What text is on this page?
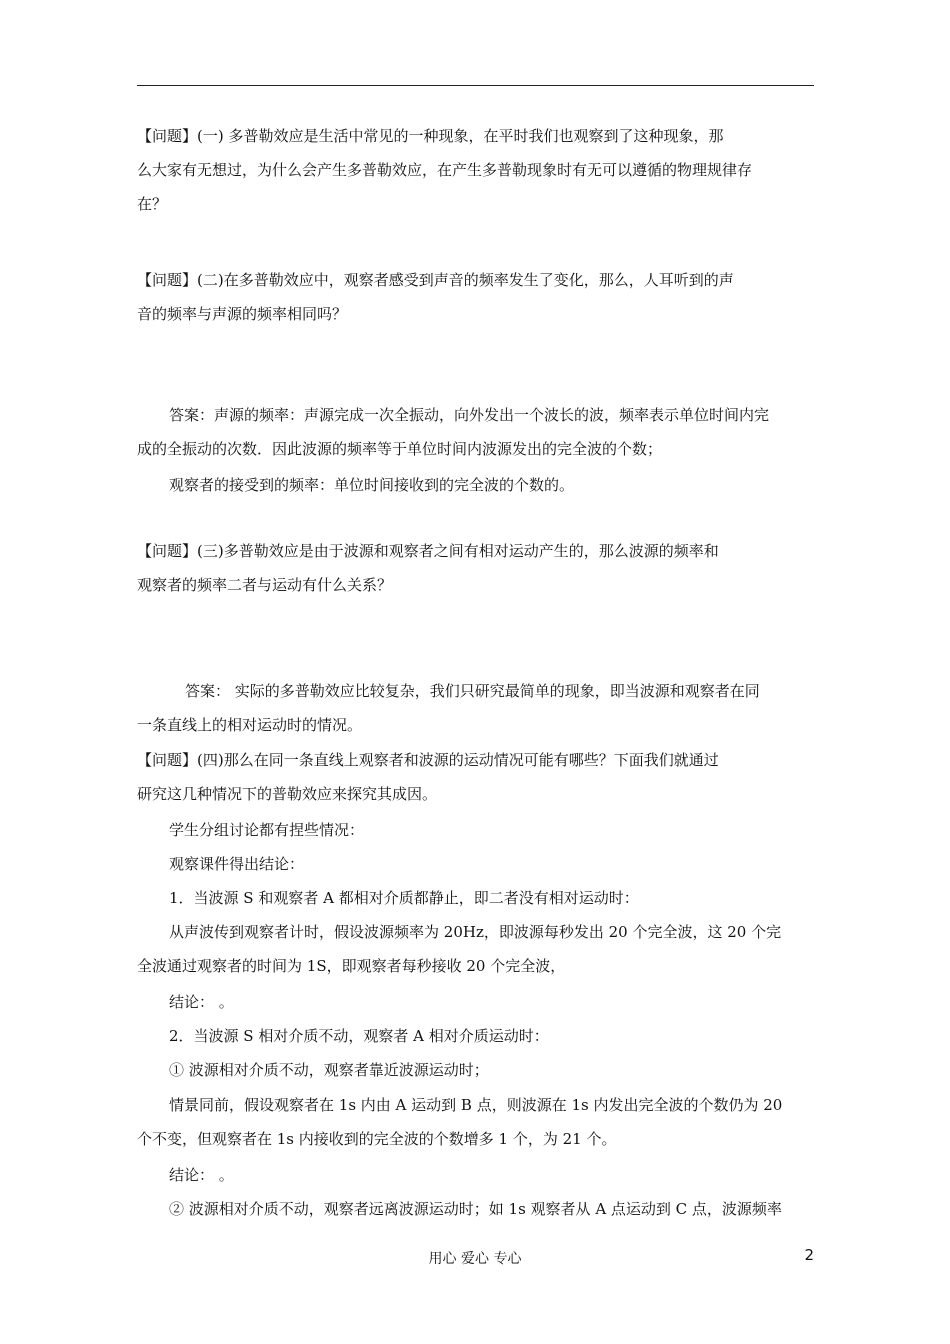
【问题】(一) 多普勒效应是生活中常见的一种现象，在平时我们也观察到了这种现象，那

么大家有无想过，为什么会产生多普勒效应，在产生多普勒现象时有无可以遵循的物理规律存

在？

【问题】(二)在多普勒效应中，观察者感受到声音的频率发生了变化，那么，人耳听到的声

音的频率与声源的频率相同吗？

答案：声源的频率：声源完成一次全振动，向外发出一个波长的波，频率表示单位时间内完

成的全振动的次数．因此波源的频率等于单位时间内波源发出的完全波的个数；

观察者的接受到的频率：单位时间接收到的完全波的个数的。

【问题】(三)多普勒效应是由于波源和观察者之间有相对运动产生的，那么波源的频率和

观察者的频率二者与运动有什么关系？

答案： 实际的多普勒效应比较复杂，我们只研究最简单的现象，即当波源和观察者在同

一条直线上的相对运动时的情况。

【问题】(四)那么在同一条直线上观察者和波源的运动情况可能有哪些？下面我们就通过

研究这几种情况下的普勒效应来探究其成因。

学生分组讨论都有捏些情况：

观察课件得出结论：

1．当波源 S 和观察者 A 都相对介质都静止，即二者没有相对运动时：

从声波传到观察者计时，假设波源频率为 20Hz，即波源每秒发出 20 个完全波，这 20 个完

全波通过观察者的时间为 1S，即观察者每秒接收 20 个完全波，

结论： 。

2．当波源 S 相对介质不动，观察者 A 相对介质运动时：

① 波源相对介质不动，观察者靠近波源运动时；

情景同前，假设观察者在 1s 内由 A 运动到 B 点，则波源在 1s 内发出完全波的个数仍为 20

个不变，但观察者在 1s 内接收到的完全波的个数增多 1 个，为 21 个。

结论： 。

② 波源相对介质不动，观察者远离波源运动时；如 1s 观察者从 A 点运动到 C 点，波源频率

用心 爱心 专心	2
